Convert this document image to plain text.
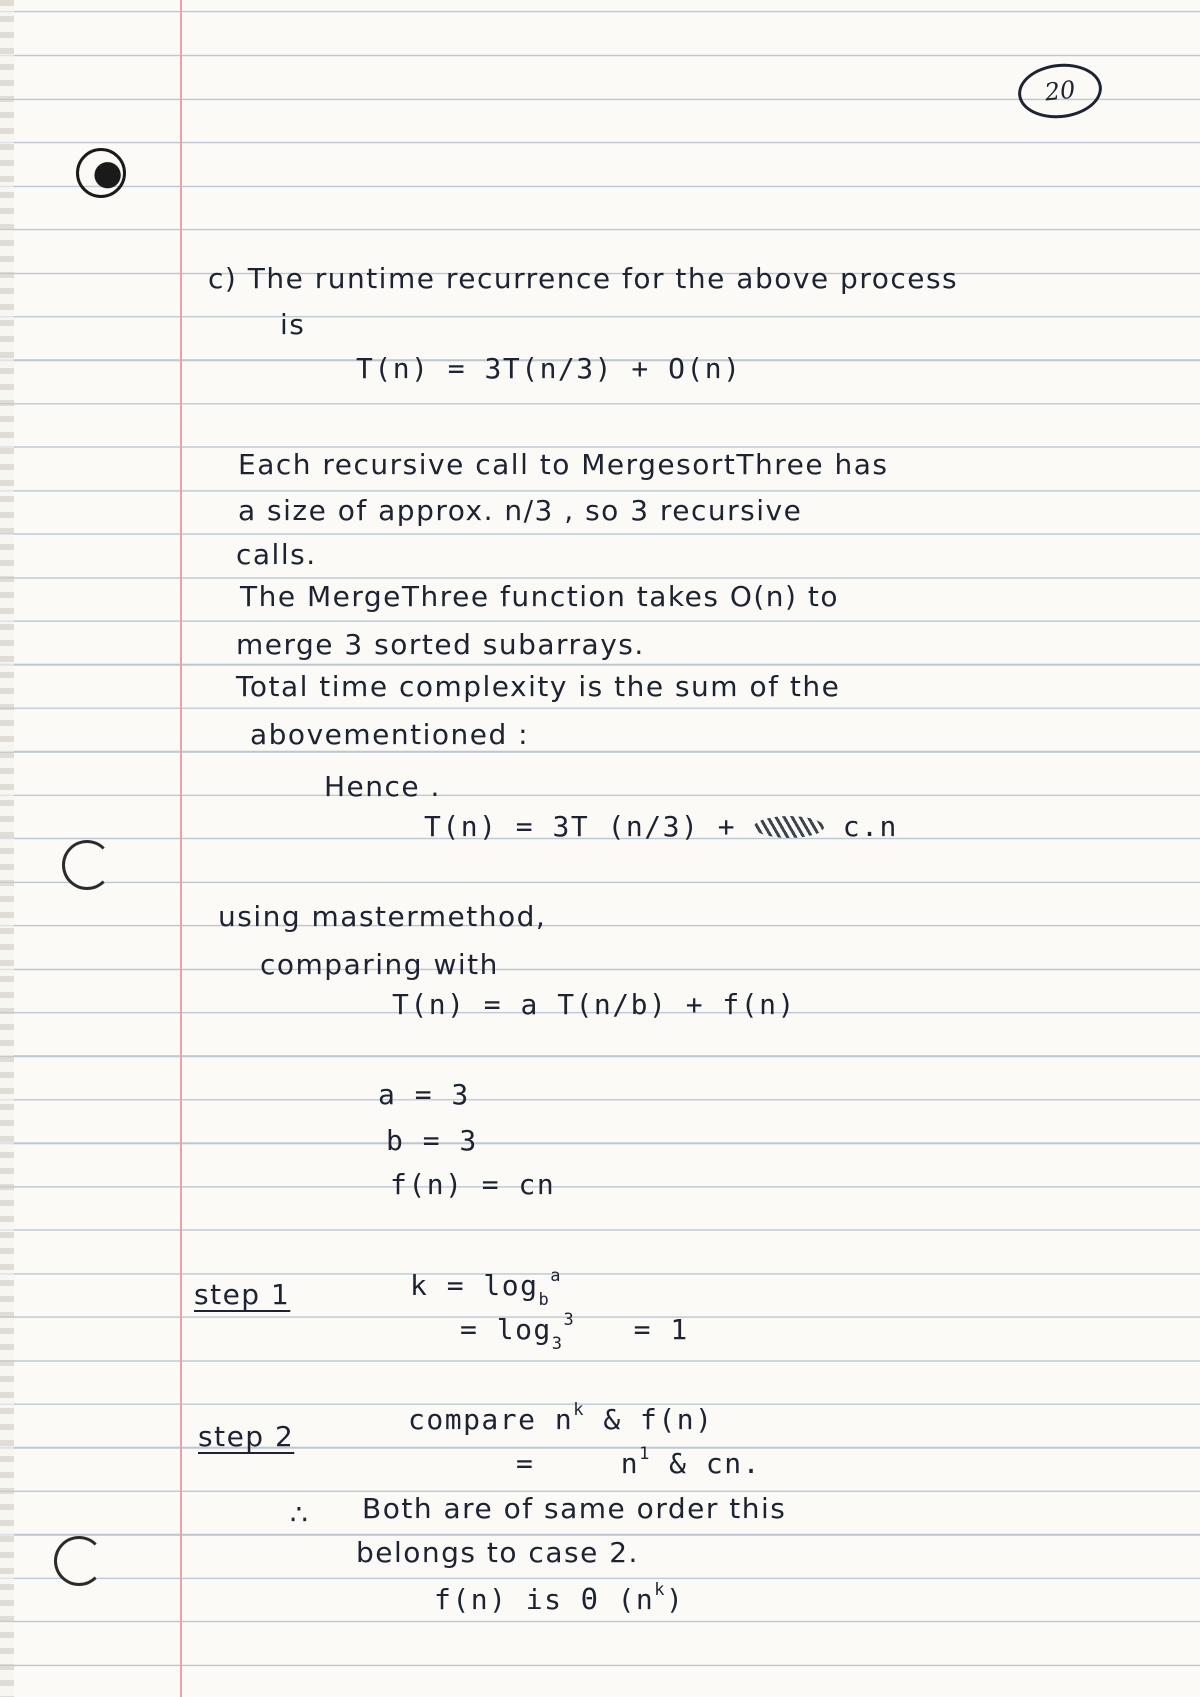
20
c) The runtime recurrence for the above process
is
T(n) = 3T(n/3) + O(n)
Each recursive call to MergesortThree has
a size of approx. n/3 , so 3 recursive
calls.
The MergeThree function takes O(n) to
merge 3 sorted subarrays.
Total time complexity is the sum of the
abovementioned :
Hence .
T(n) = 3T (n/3) +	c.n
using mastermethod,
comparing with
T(n) = a T(n/b) + f(n)
a = 3
b = 3
f(n) = cn
step 1	$k = \log_b^a$
= $\log_3^3 = 1$
step 2
compare $n^k$ & f(n)
=	$n^1$ & cn.
∴ Both are of same order this
belongs to case 2.
f(n) is Θ $(n^k)$
